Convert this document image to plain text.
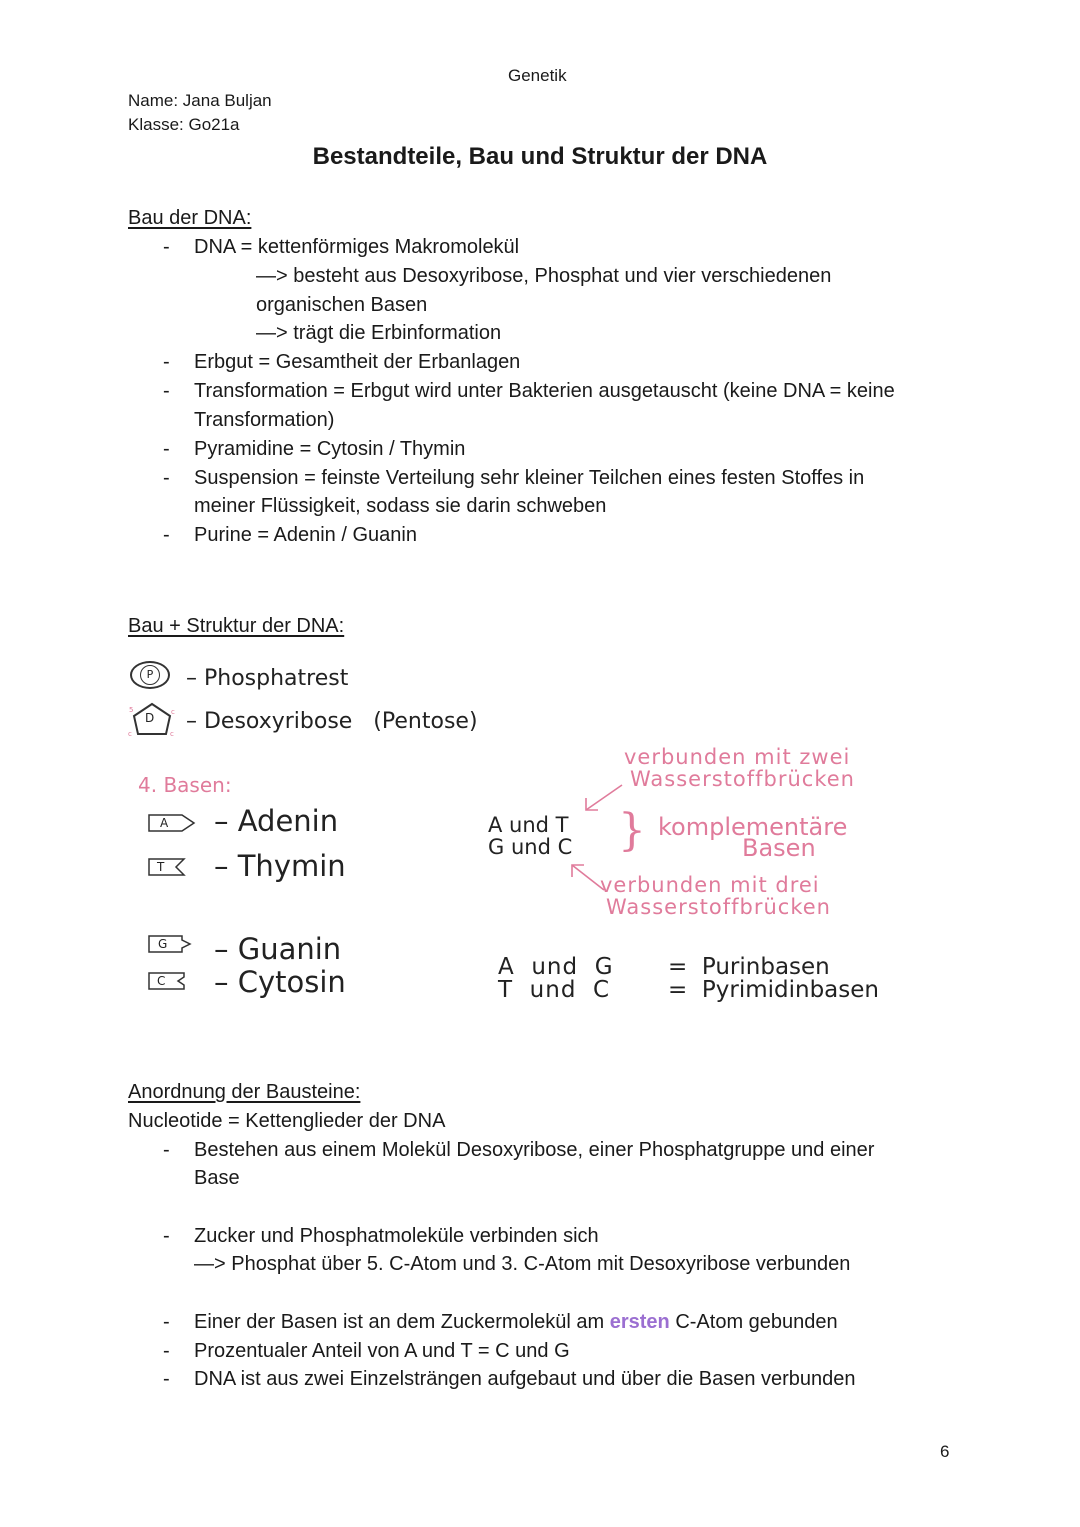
Genetik
Name: Jana Buljan
Klasse: Go21a
Bestandteile, Bau und Struktur der DNA
Bau der DNA:
- DNA = kettenförmiges Makromolekül
—> besteht aus Desoxyribose, Phosphat und vier verschiedenen
organischen Basen
—> trägt die Erbinformation
- Erbgut = Gesamtheit der Erbanlagen
- Transformation = Erbgut wird unter Bakterien ausgetauscht (keine DNA = keine
Transformation)
- Pyramidine = Cytosin / Thymin
- Suspension = feinste Verteilung sehr kleiner Teilchen eines festen Stoffes in
meiner Flüssigkeit, sodass sie darin schweben
- Purine = Adenin / Guanin
Bau + Struktur der DNA:
P	– Phosphatrest
5	c
c	c
D – Desoxyribose   (Pentose)
4. Basen:
A – Adenin
T – Thymin
G – Guanin
C – Cytosin
verbunden mit zwei
Wasserstoffbrücken
A und T
G und C } komplementäre
Basen
verbunden mit drei
Wasserstoffbrücken
A  und  G
T  und  C
=  Purinbasen
=  Pyrimidinbasen
Anordnung der Bausteine:
Nucleotide = Kettenglieder der DNA
- Bestehen aus einem Molekül Desoxyribose, einer Phosphatgruppe und einer
Base
- Zucker und Phosphatmoleküle verbinden sich
—> Phosphat über 5. C-Atom und 3. C-Atom mit Desoxyribose verbunden
- Einer der Basen ist an dem Zuckermolekül am ersten C-Atom gebunden
- Prozentualer Anteil von A und T = C und G
- DNA ist aus zwei Einzelsträngen aufgebaut und über die Basen verbunden
6
